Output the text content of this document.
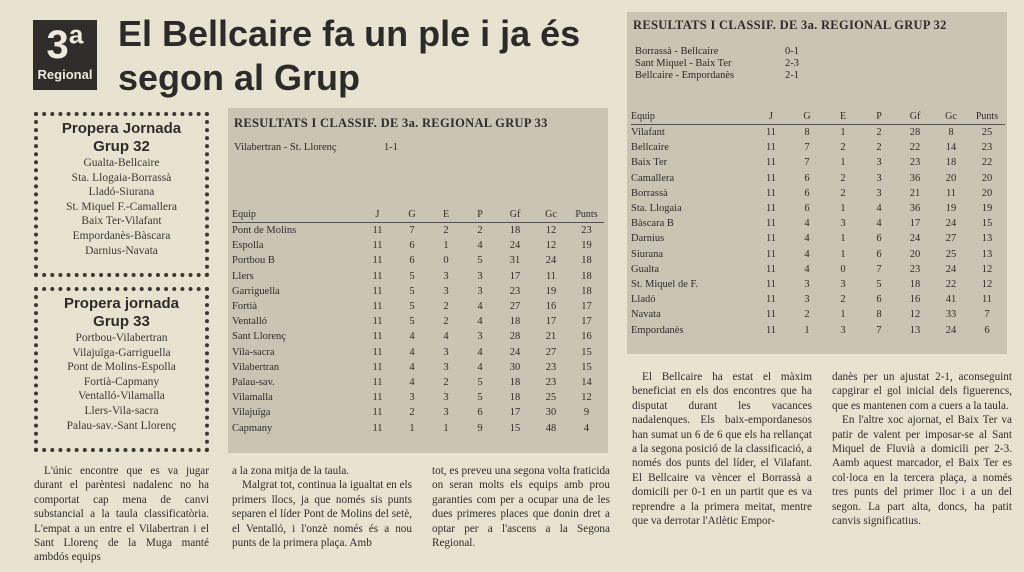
3ª
Regional
El Bellcaire fa un ple i ja és segon al Grup
Propera Jornada Grup 32
Gualta-Bellcaire
Sta. Llogaia-Borrassà
Lladó-Siurana
St. Miquel F.-Camallera
Baix Ter-Vilafant
Empordanès-Bàscara
Darnius-Navata
Propera jornada Grup 33
Portbou-Vilabertran
Vilajuïga-Garriguella
Pont de Molins-Espolla
Fortià-Capmany
Ventalló-Vilamalla
Llers-Vila-sacra
Palau-sav.-Sant Llorenç
RESULTATS I CLASSIF. DE 3a. REGIONAL GRUP 33
Vilabertran - St. Llorenç	1-1
Equip	J	G	E	P	Gf	Gc	Punts
Pont de Molins	11	7	2	2	18	12	23
Espolla	11	6	1	4	24	12	19
Portbou B	11	6	0	5	31	24	18
Llers	11	5	3	3	17	11	18
Garriguella	11	5	3	3	23	19	18
Fortià	11	5	2	4	27	16	17
Ventalló	11	5	2	4	18	17	17
Sant Llorenç	11	4	4	3	28	21	16
Vila-sacra	11	4	3	4	24	27	15
Vilabertran	11	4	3	4	30	23	15
Palau-sav.	11	4	2	5	18	23	14
Vilamalla	11	3	3	5	18	25	12
Vilajuïga	11	2	3	6	17	30	9
Capmany	11	1	1	9	15	48	4
RESULTATS I CLASSIF. DE 3a. REGIONAL GRUP 32
Borrassà - Bellcaire	0-1
Sant Miquel - Baix Ter	2-3
Bellcaire - Empordanès	2-1
Equip	J	G	E	P	Gf	Gc	Punts
Vilafant	11	8	1	2	28	8	25
Bellcaire	11	7	2	2	22	14	23
Baix Ter	11	7	1	3	23	18	22
Camallera	11	6	2	3	36	20	20
Borrassà	11	6	2	3	21	11	20
Sta. Llogaia	11	6	1	4	36	19	19
Bàscara B	11	4	3	4	17	24	15
Darnius	11	4	1	6	24	27	13
Siurana	11	4	1	6	20	25	13
Gualta	11	4	0	7	23	24	12
St. Miquel de F.	11	3	3	5	18	22	12
Lladó	11	3	2	6	16	41	11
Navata	11	2	1	8	12	33	7
Empordanès	11	1	3	7	13	24	6

L'únic encontre que es va jugar durant el parèntesi nadalenc no ha comportat cap mena de canvi substancial a la taula classificatòria. L'empat a un entre el Vilabertran i el Sant Llorenç de la Muga manté ambdós equips

a la zona mitja de la taula.

Malgrat tot, continua la igualtat en els primers llocs, ja que només sis punts separen el líder Pont de Molins del setè, el Ventalló, i l'onzè només és a nou punts de la primera plaça. Amb

tot, es preveu una segona volta fraticida on seran molts els equips amb prou garanties com per a ocupar una de les dues primeres places que donin dret a optar per a l'ascens a la Segona Regional.

El Bellcaire ha estat el màxim beneficiat en els dos encontres que ha disputat durant les vacances nadalenques. Els baix-empordanesos han sumat un 6 de 6 que els ha rellançat a la segona posició de la classificació, a només dos punts del líder, el Vilafant. El Bellcaire va vèncer el Borrassà a domicili per 0-1 en un partit que es va reprendre a la primera meitat, mentre que va derrotar l'Atlètic Empor-

danès per un ajustat 2-1, aconseguint capgirar el gol inicial dels figuerencs, que es mantenen com a cuers a la taula.

En l'altre xoc ajornat, el Baix Ter va patir de valent per imposar-se al Sant Miquel de Fluvià a domicili per 2-3. Aamb aquest marcador, el Baix Ter es col·loca en la tercera plaça, a només tres punts del primer lloc i a un del segon. La part alta, doncs, ha patit canvis significatius.
